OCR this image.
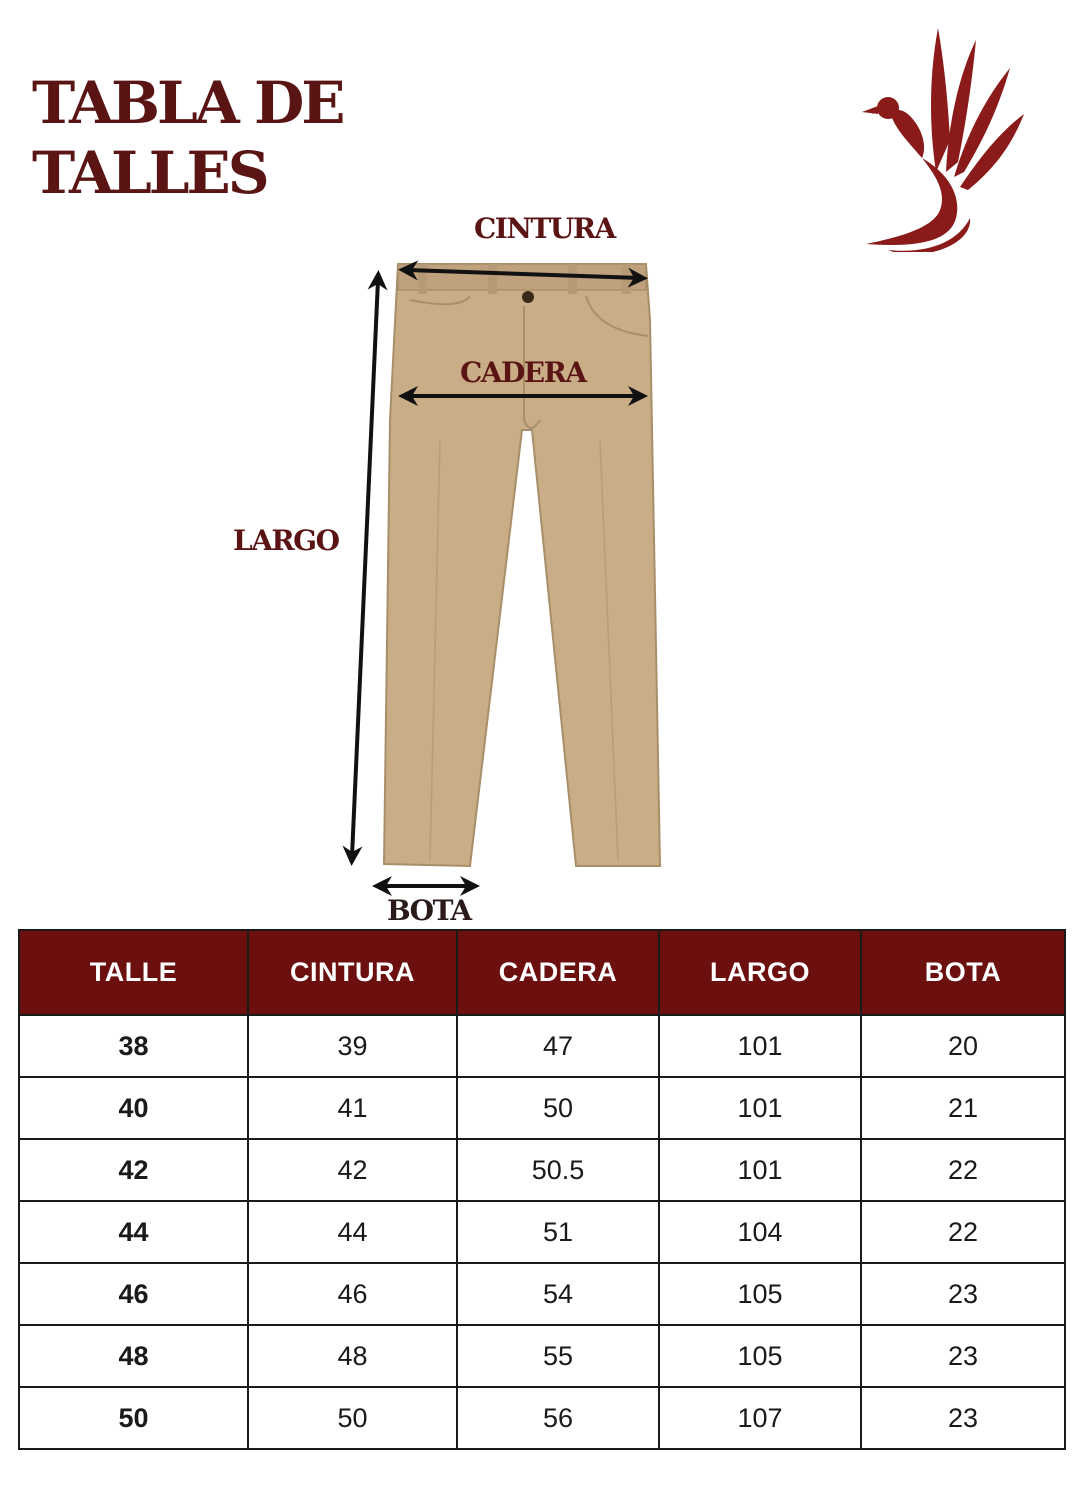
TABLA DE
TALLES
CINTURA
CADERA
LARGO
BOTA
TALLE	CINTURA	CADERA	LARGO	BOTA
38	39	47	101	20
40	41	50	101	21
42	42	50.5	101	22
44	44	51	104	22
46	46	54	105	23
48	48	55	105	23
50	50	56	107	23
